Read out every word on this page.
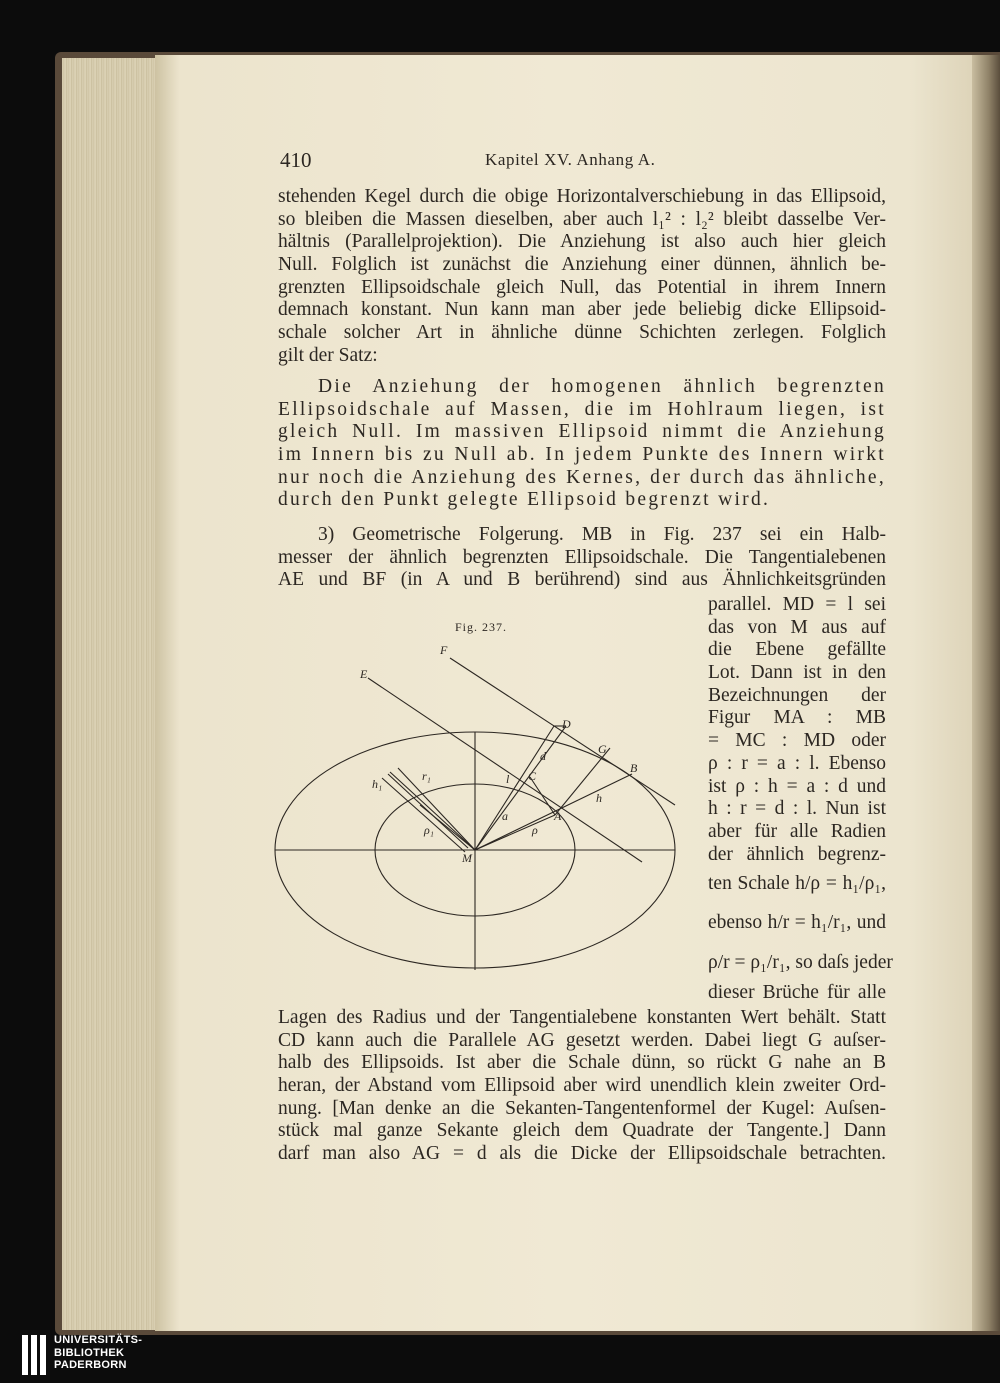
410	Kapitel XV. Anhang A.
stehenden Kegel durch die obige Horizontalverschiebung in das Ellipsoid,
so bleiben die Massen dieselben, aber auch l₁² : l₂² bleibt dasselbe Ver-
hältnis (Parallelprojektion). Die Anziehung ist also auch hier gleich
Null. Folglich ist zunächst die Anziehung einer dünnen, ähnlich be-
grenzten Ellipsoidschale gleich Null, das Potential in ihrem Innern
demnach konstant. Nun kann man aber jede beliebig dicke Ellipsoid-
schale solcher Art in ähnliche dünne Schichten zerlegen. Folglich
gilt der Satz:
Die Anziehung der homogenen ähnlich begrenzten
Ellipsoidschale auf Massen, die im Hohlraum liegen, ist
gleich Null. Im massiven Ellipsoid nimmt die Anziehung
im Innern bis zu Null ab. In jedem Punkte des Innern wirkt
nur noch die Anziehung des Kernes, der durch das ähnliche,
durch den Punkt gelegte Ellipsoid begrenzt wird.
3) Geometrische Folgerung. MB in Fig. 237 sei ein Halb-
messer der ähnlich begrenzten Ellipsoidschale. Die Tangentialebenen
AE und BF (in A und B berührend) sind aus Ähnlichkeitsgründen
parallel. MD = l sei
das von M aus auf
die Ebene gefällte
Lot. Dann ist in den
Bezeichnungen der
Figur MA : MB
= MC : MD oder
ρ : r = a : l. Ebenso
ist ρ : h = a : d und
h : r = d : l. Nun ist
aber für alle Radien
der ähnlich begrenz-
ten Schale h/ρ = h₁/ρ₁,
ebenso h/r = h₁/r₁, und
ρ/r = ρ₁/r₁, so daſs jeder
dieser Brüche für alle
Lagen des Radius und der Tangentialebene konstanten Wert behält. Statt
CD kann auch die Parallele AG gesetzt werden. Dabei liegt G auſser-
halb des Ellipsoids. Ist aber die Schale dünn, so rückt G nahe an B
heran, der Abstand vom Ellipsoid aber wird unendlich klein zweiter Ord-
nung. [Man denke an die Sekanten-Tangentenformel der Kugel: Auſsen-
stück mal ganze Sekante gleich dem Quadrate der Tangente.] Dann
darf man also AG = d als die Dicke der Ellipsoidschale betrachten.
Fig. 237.
F
E
D
G
B
d
C
l
h
A
a
ρ
M
h₁
r₁
ρ₁
UNIVERSITÄTS-
BIBLIOTHEK
PADERBORN
